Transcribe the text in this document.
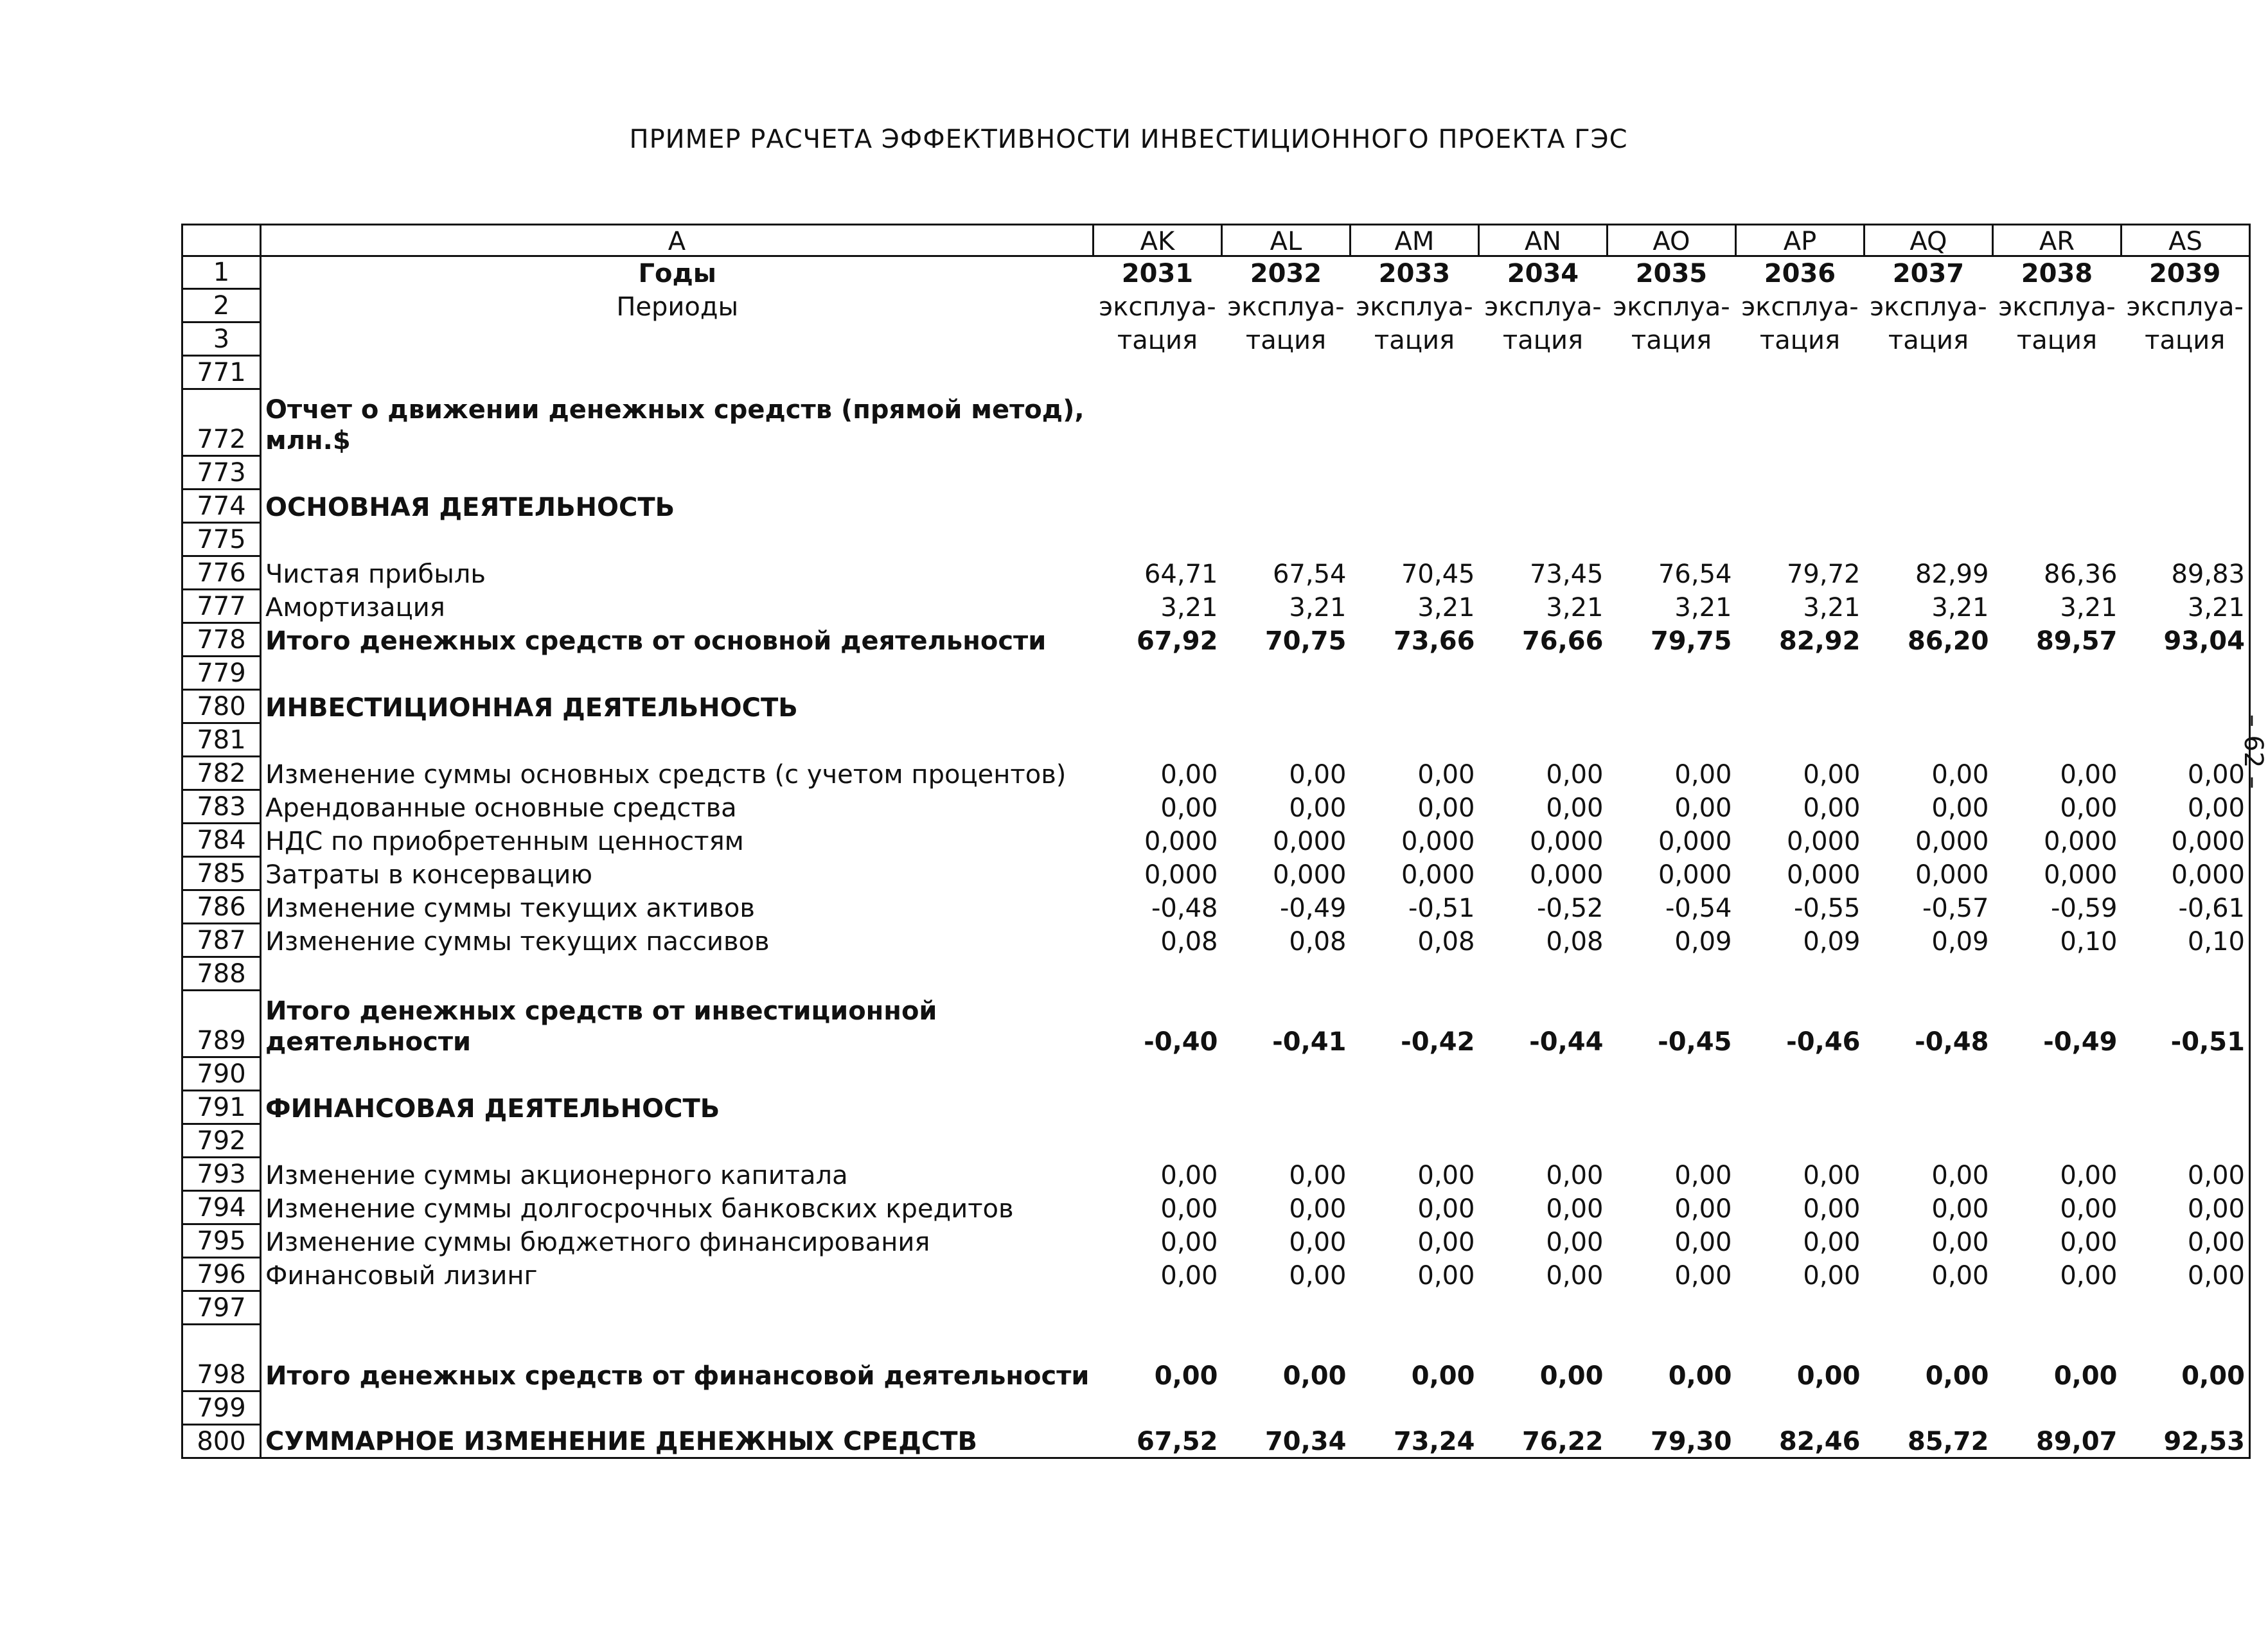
ПРИМЕР РАСЧЕТА ЭФФЕКТИВНОСТИ ИНВЕСТИЦИОННОГО ПРОЕКТА ГЭС
– 62 –
	A	AK	AL	AM	AN	AO	AP	AQ	AR	AS
1	Годы	2031	2032	2033	2034	2035	2036	2037	2038	2039
2	Периоды	эксплуа-	эксплуа-	эксплуа-	эксплуа-	эксплуа-	эксплуа-	эксплуа-	эксплуа-	эксплуа-
3		тация	тация	тация	тация	тация	тация	тация	тация	тация
771										
772	Отчет о движении денежных средств (прямой метод),
млн.$									

773										
774	ОСНОВНАЯ ДЕЯТЕЛЬНОСТЬ									
775										
776	Чистая прибыль	64,71	67,54	70,45	73,45	76,54	79,72	82,99	86,36	89,83
777	Амортизация	3,21	3,21	3,21	3,21	3,21	3,21	3,21	3,21	3,21
778	Итого денежных средств от основной деятельности	67,92	70,75	73,66	76,66	79,75	82,92	86,20	89,57	93,04
779										
780	ИНВЕСТИЦИОННАЯ ДЕЯТЕЛЬНОСТЬ									
781										
782	Изменение суммы основных средств (с учетом процентов)	0,00	0,00	0,00	0,00	0,00	0,00	0,00	0,00	0,00
783	Арендованные основные средства	0,00	0,00	0,00	0,00	0,00	0,00	0,00	0,00	0,00
784	НДС по приобретенным ценностям	0,000	0,000	0,000	0,000	0,000	0,000	0,000	0,000	0,000
785	Затраты в консервацию	0,000	0,000	0,000	0,000	0,000	0,000	0,000	0,000	0,000
786	Изменение суммы текущих активов	-0,48	-0,49	-0,51	-0,52	-0,54	-0,55	-0,57	-0,59	-0,61
787	Изменение суммы текущих пассивов	0,08	0,08	0,08	0,08	0,09	0,09	0,09	0,10	0,10
788										
789	Итого денежных средств от инвестиционной
деятельности	-0,40	-0,41	-0,42	-0,44	-0,45	-0,46	-0,48	-0,49	-0,51
790										
791	ФИНАНСОВАЯ ДЕЯТЕЛЬНОСТЬ									
792										
793	Изменение суммы акционерного капитала	0,00	0,00	0,00	0,00	0,00	0,00	0,00	0,00	0,00
794	Изменение суммы долгосрочных банковских кредитов	0,00	0,00	0,00	0,00	0,00	0,00	0,00	0,00	0,00
795	Изменение суммы бюджетного финансирования	0,00	0,00	0,00	0,00	0,00	0,00	0,00	0,00	0,00
796	Финансовый лизинг	0,00	0,00	0,00	0,00	0,00	0,00	0,00	0,00	0,00
797										
798	Итого денежных средств от финансовой деятельности	0,00	0,00	0,00	0,00	0,00	0,00	0,00	0,00	0,00
799										
800	СУММАРНОЕ ИЗМЕНЕНИЕ ДЕНЕЖНЫХ СРЕДСТВ	67,52	70,34	73,24	76,22	79,30	82,46	85,72	89,07	92,53
